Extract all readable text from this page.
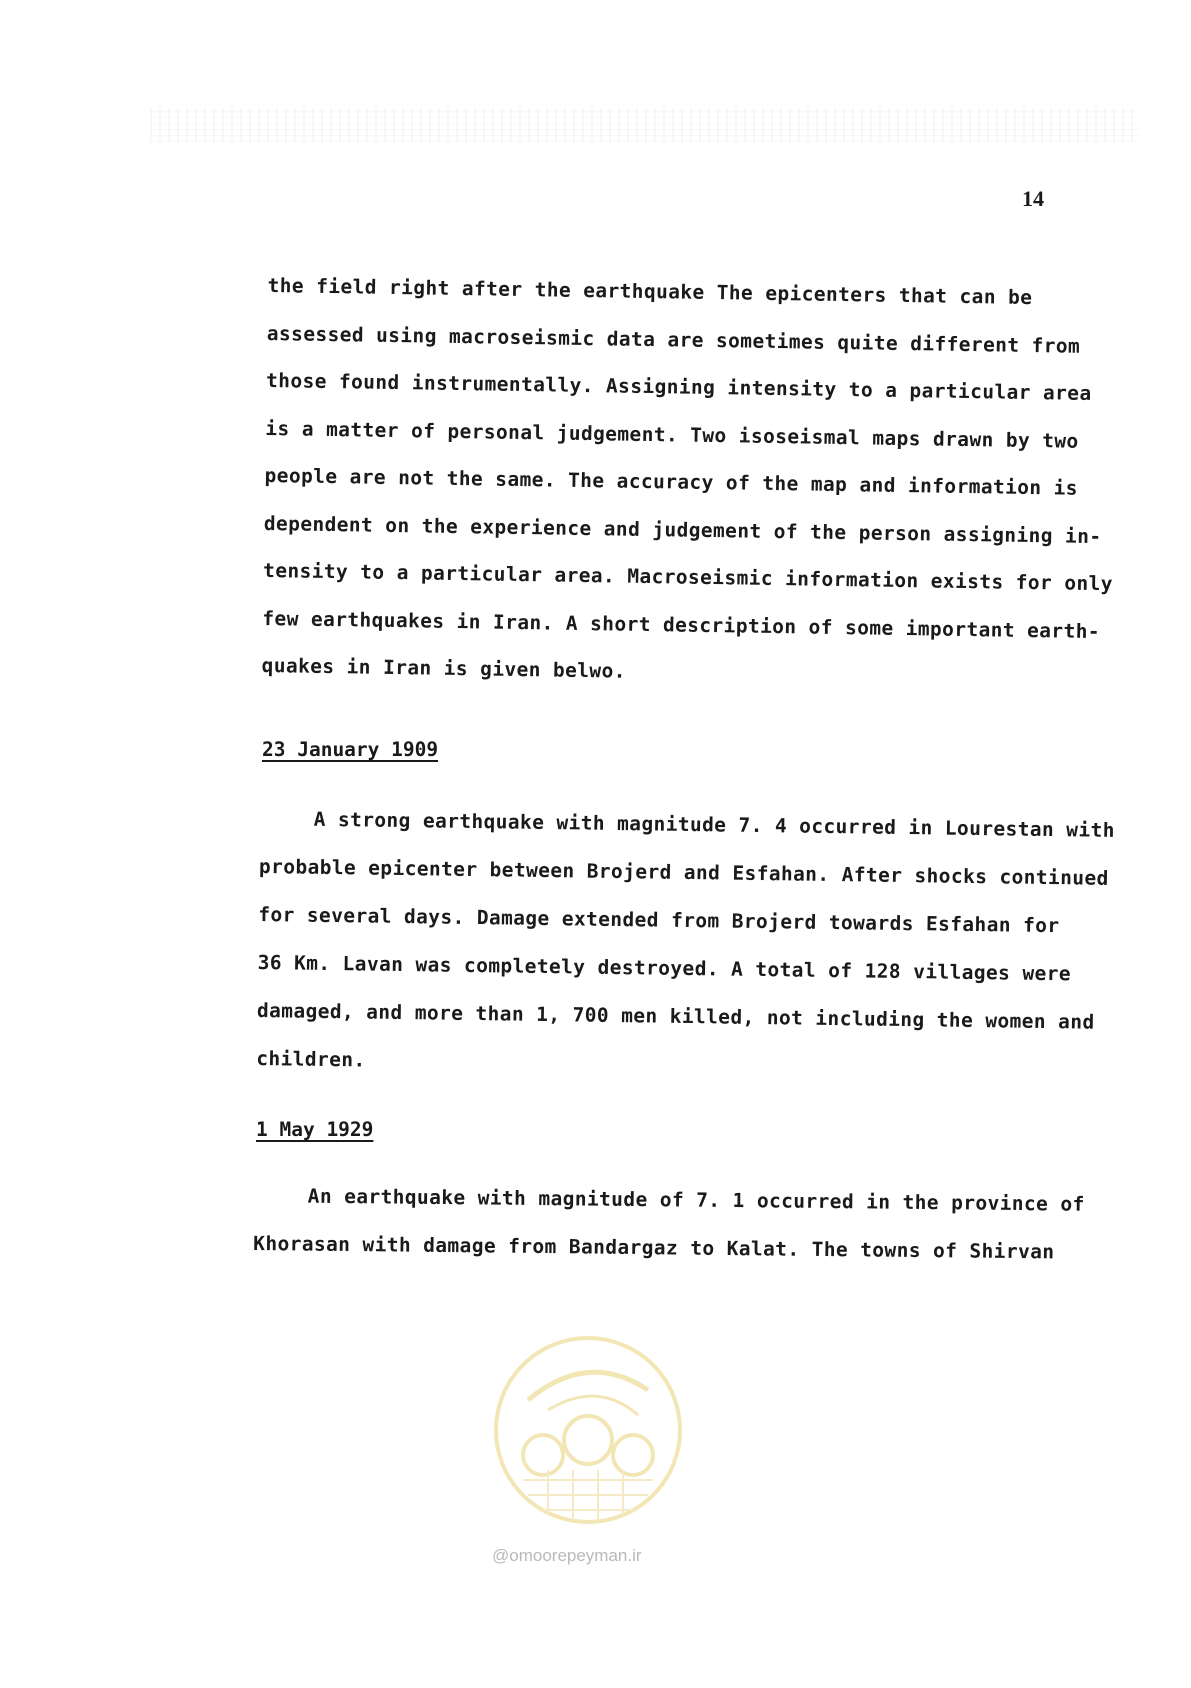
14
the field right after the earthquake The epicenters that can be
assessed using macroseismic data are sometimes quite different from
those found instrumentally. Assigning intensity to a particular area
is a matter of personal judgement. Two isoseismal maps drawn by two
people are not the same. The accuracy of the map and information is
dependent on the experience and judgement of the person assigning in-
tensity to a particular area. Macroseismic information exists for only
few earthquakes in Iran. A short description of some important earth-
quakes in Iran is given belwo.
23 January 1909
A strong earthquake with magnitude 7. 4 occurred in Lourestan with
probable epicenter between Brojerd and Esfahan. After shocks continued
for several days. Damage extended from Brojerd towards Esfahan for
36 Km. Lavan was completely destroyed. A total of 128 villages were
damaged, and more than 1, 700 men killed, not including the women and
children.
1 May 1929
An earthquake with magnitude of 7. 1 occurred in the province of
Khorasan with damage from Bandargaz to Kalat. The towns of Shirvan
@omoorepeyman.ir
